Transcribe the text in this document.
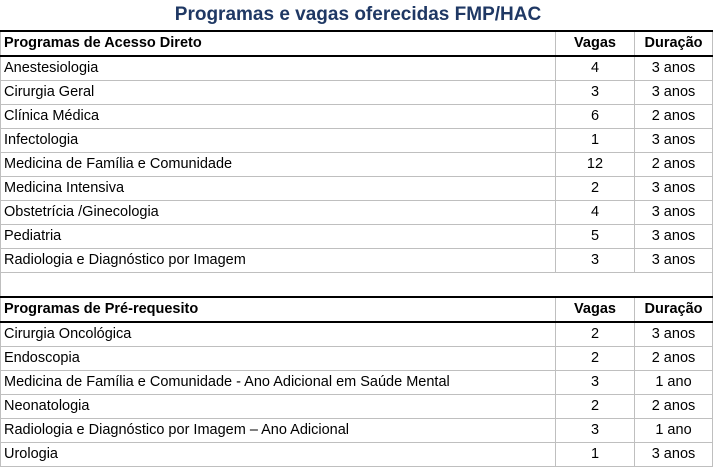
Programas e vagas oferecidas FMP/HAC
Programas de Acesso Direto	Vagas	Duração
Anestesiologia	4	3 anos
Cirurgia Geral	3	3 anos
Clínica Médica	6	2 anos
Infectologia	1	3 anos
Medicina de Família e Comunidade	12	2 anos
Medicina Intensiva	2	3 anos
Obstetrícia /Ginecologia	4	3 anos
Pediatria	5	3 anos
Radiologia e Diagnóstico por Imagem	3	3 anos

Programas de Pré-requesito	Vagas	Duração
Cirurgia Oncológica	2	3 anos
Endoscopia	2	2 anos
Medicina de Família e Comunidade - Ano Adicional em Saúde Mental	3	1 ano
Neonatologia	2	2 anos
Radiologia e Diagnóstico por Imagem – Ano Adicional	3	1 ano
Urologia	1	3 anos
